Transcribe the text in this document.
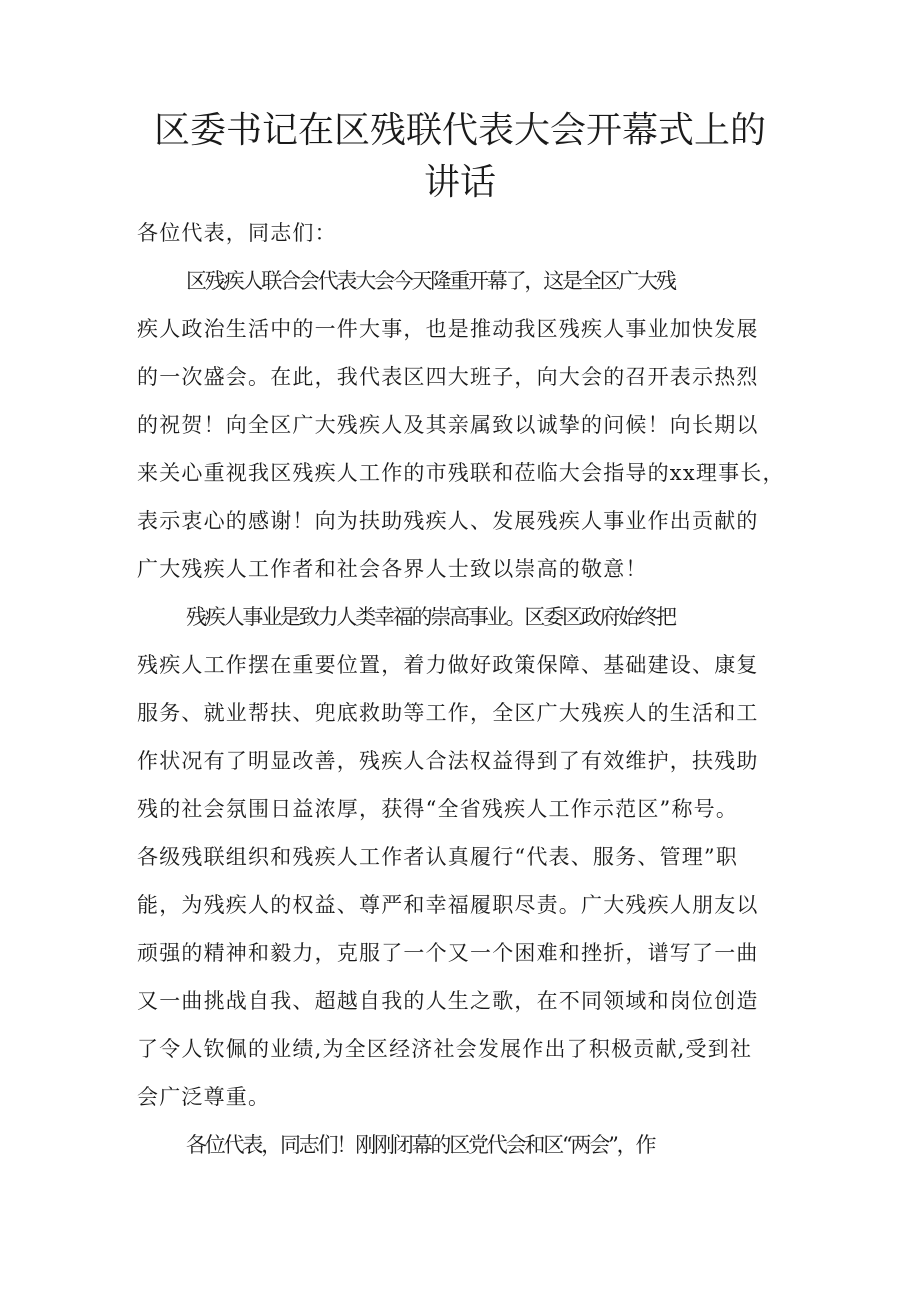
区委书记在区残联代表大会开幕式上的
讲话
各位代表，同志们：
区残疾人联合会代表大会今天隆重开幕了，这是全区广大残
疾人政治生活中的一件大事，也是推动我区残疾人事业加快发展
的一次盛会。在此，我代表区四大班子，向大会的召开表示热烈
的祝贺！向全区广大残疾人及其亲属致以诚挚的问候！向长期以
来关心重视我区残疾人工作的市残联和莅临大会指导的xx理事长，
表示衷心的感谢！向为扶助残疾人、发展残疾人事业作出贡献的
广大残疾人工作者和社会各界人士致以崇高的敬意！
残疾人事业是致力人类幸福的崇高事业。区委区政府始终把
残疾人工作摆在重要位置，着力做好政策保障、基础建设、康复
服务、就业帮扶、兜底救助等工作，全区广大残疾人的生活和工
作状况有了明显改善，残疾人合法权益得到了有效维护，扶残助
残的社会氛围日益浓厚，获得“全省残疾人工作示范区”称号。
各级残联组织和残疾人工作者认真履行“代表、服务、管理”职
能，为残疾人的权益、尊严和幸福履职尽责。广大残疾人朋友以
顽强的精神和毅力，克服了一个又一个困难和挫折，谱写了一曲
又一曲挑战自我、超越自我的人生之歌，在不同领域和岗位创造
了令人钦佩的业绩,为全区经济社会发展作出了积极贡献,受到社
会广泛尊重。
各位代表，同志们！刚刚闭幕的区党代会和区“两会”，作
